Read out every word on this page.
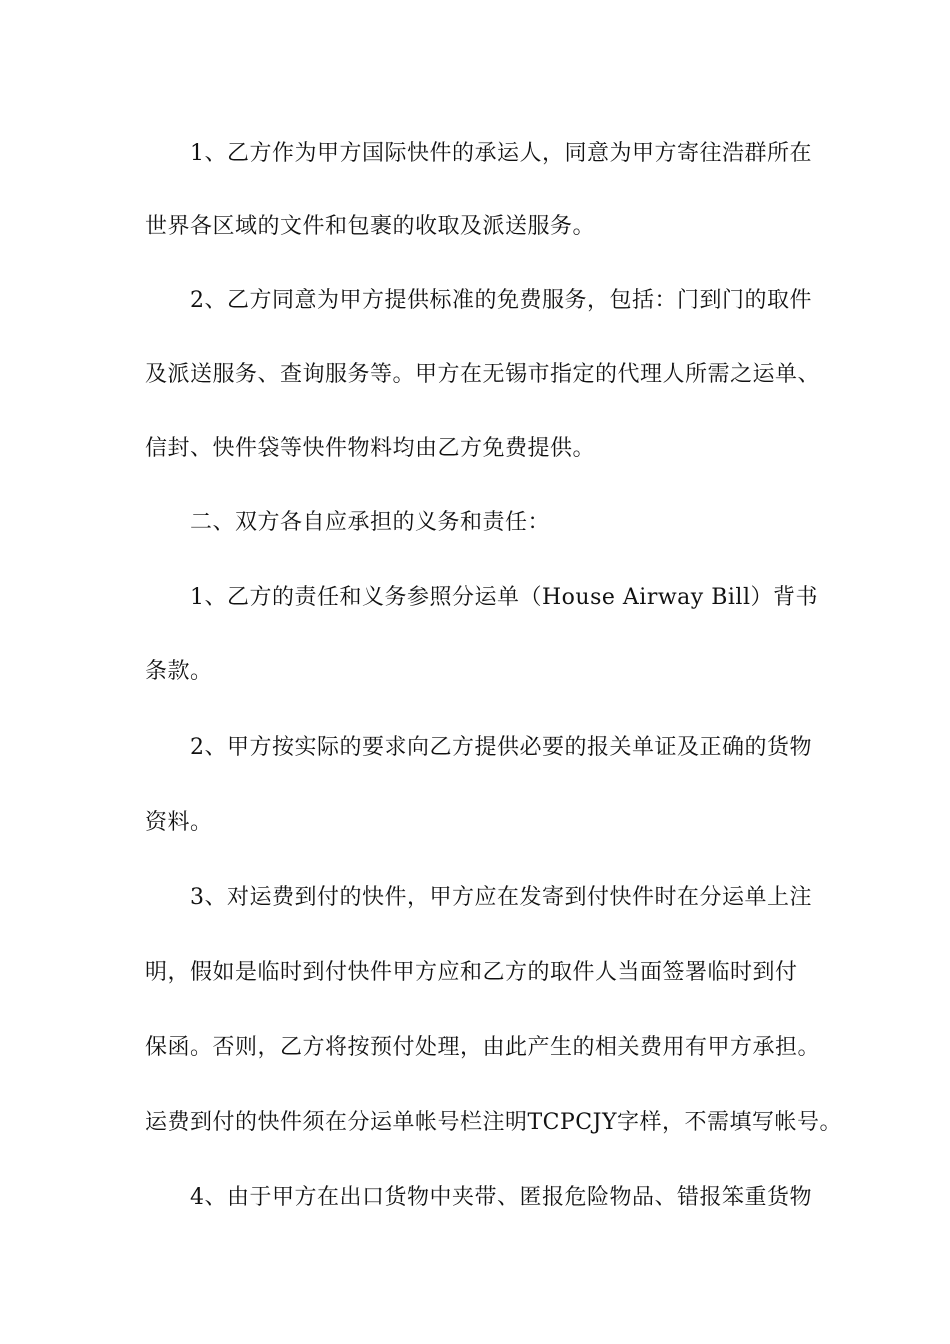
1、乙方作为甲方国际快件的承运人，同意为甲方寄往浩群所在
世界各区域的文件和包裹的收取及派送服务。
2、乙方同意为甲方提供标准的免费服务，包括：门到门的取件
及派送服务、查询服务等。甲方在无锡市指定的代理人所需之运单、
信封、快件袋等快件物料均由乙方免费提供。
二、双方各自应承担的义务和责任：
1、乙方的责任和义务参照分运单（House Airway Bill）背书
条款。
2、甲方按实际的要求向乙方提供必要的报关单证及正确的货物
资料。
3、对运费到付的快件，甲方应在发寄到付快件时在分运单上注
明，假如是临时到付快件甲方应和乙方的取件人当面签署临时到付
保函。否则，乙方将按预付处理，由此产生的相关费用有甲方承担。
运费到付的快件须在分运单帐号栏注明TCPCJY字样，不需填写帐号。
4、由于甲方在出口货物中夹带、匿报危险物品、错报笨重货物
